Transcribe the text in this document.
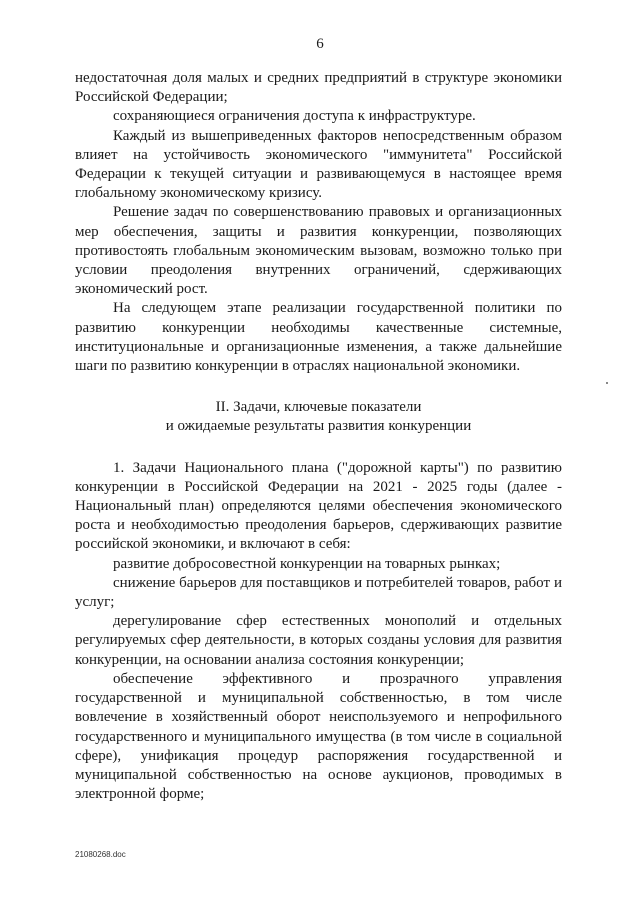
6

недостаточная доля малых и средних предприятий в структуре экономики Российской Федерации;

сохраняющиеся ограничения доступа к инфраструктуре.

Каждый из вышеприведенных факторов непосредственным образом влияет на устойчивость экономического "иммунитета" Российской Федерации к текущей ситуации и развивающемуся в настоящее время глобальному экономическому кризису.

Решение задач по совершенствованию правовых и организационных мер обеспечения, защиты и развития конкуренции, позволяющих противостоять глобальным экономическим вызовам, возможно только при условии преодоления внутренних ограничений, сдерживающих экономический рост.

На следующем этапе реализации государственной политики по развитию конкуренции необходимы качественные системные, институциональные и организационные изменения, а также дальнейшие шаги по развитию конкуренции в отраслях национальной экономики.

II. Задачи, ключевые показатели
и ожидаемые результаты развития конкуренции

1. Задачи Национального плана ("дорожной карты") по развитию конкуренции в Российской Федерации на 2021 - 2025 годы (далее - Национальный план) определяются целями обеспечения экономического роста и необходимостью преодоления барьеров, сдерживающих развитие российской экономики, и включают в себя:

развитие добросовестной конкуренции на товарных рынках;

снижение барьеров для поставщиков и потребителей товаров, работ и услуг;

дерегулирование сфер естественных монополий и отдельных регулируемых сфер деятельности, в которых созданы условия для развития конкуренции, на основании анализа состояния конкуренции;

обеспечение эффективного и прозрачного управления государственной и муниципальной собственностью, в том числе вовлечение в хозяйственный оборот неиспользуемого и непрофильного государственного и муниципального имущества (в том числе в социальной сфере), унификация процедур распоряжения государственной и муниципальной собственностью на основе аукционов, проводимых в электронной форме;

21080268.doc
